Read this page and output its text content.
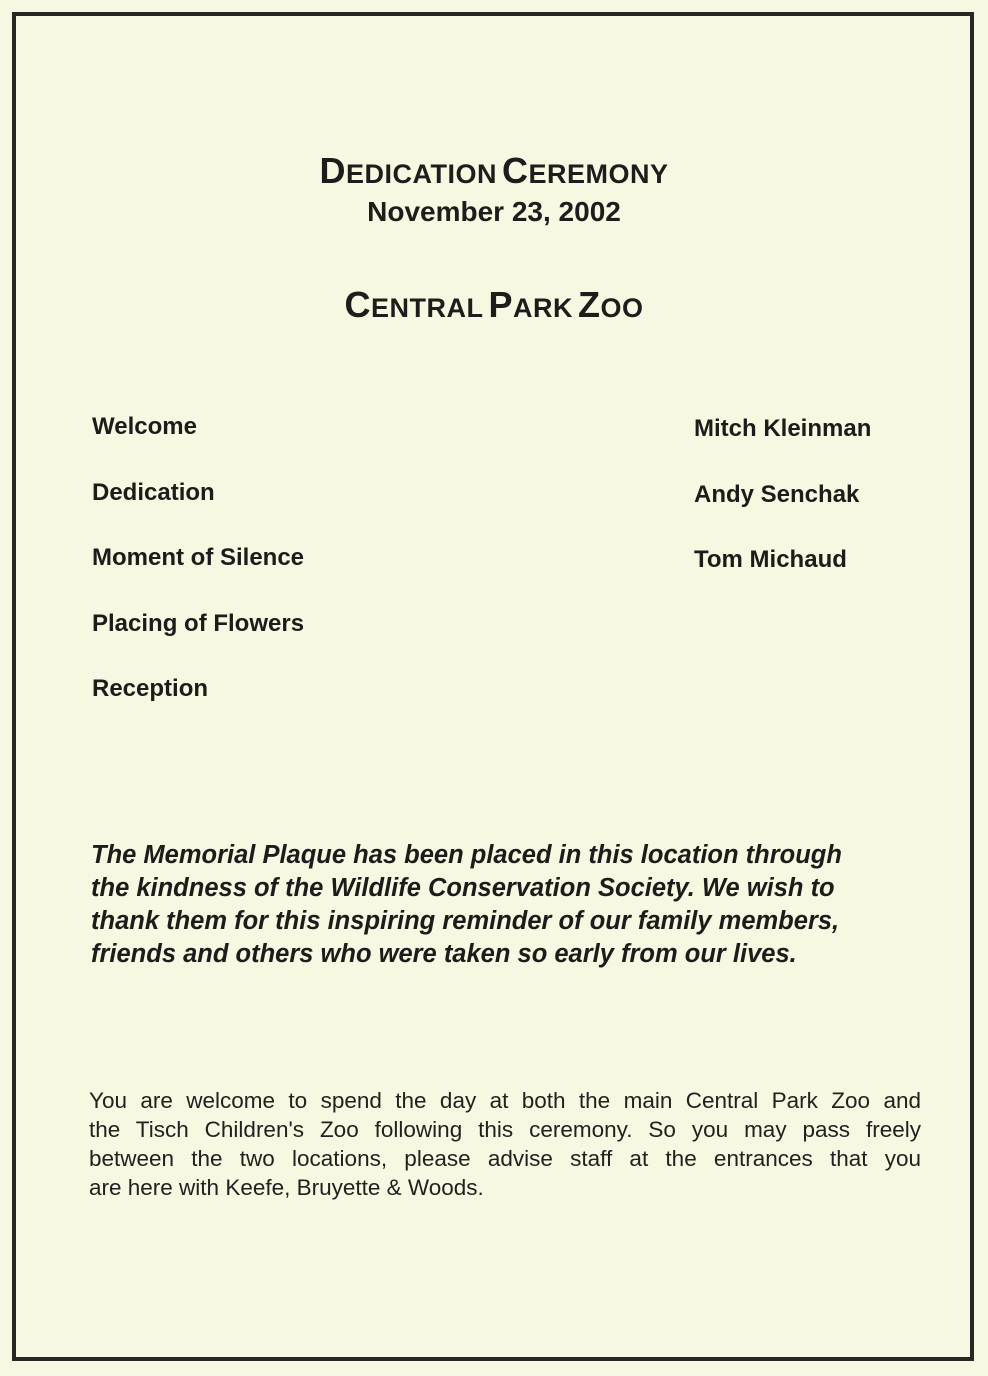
DEDICATION CEREMONY
November 23, 2002
CENTRAL PARK ZOO
Welcome
Dedication
Moment of Silence
Placing of Flowers
Reception
Mitch Kleinman
Andy Senchak
Tom Michaud
The Memorial Plaque has been placed in this location through
the kindness of the Wildlife Conservation Society. We wish to
thank them for this inspiring reminder of our family members,
friends and others who were taken so early from our lives.
You are welcome to spend the day at both the main Central Park Zoo and
the Tisch Children's Zoo following this ceremony. So you may pass freely
between the two locations, please advise staff at the entrances that you
are here with Keefe, Bruyette & Woods.
